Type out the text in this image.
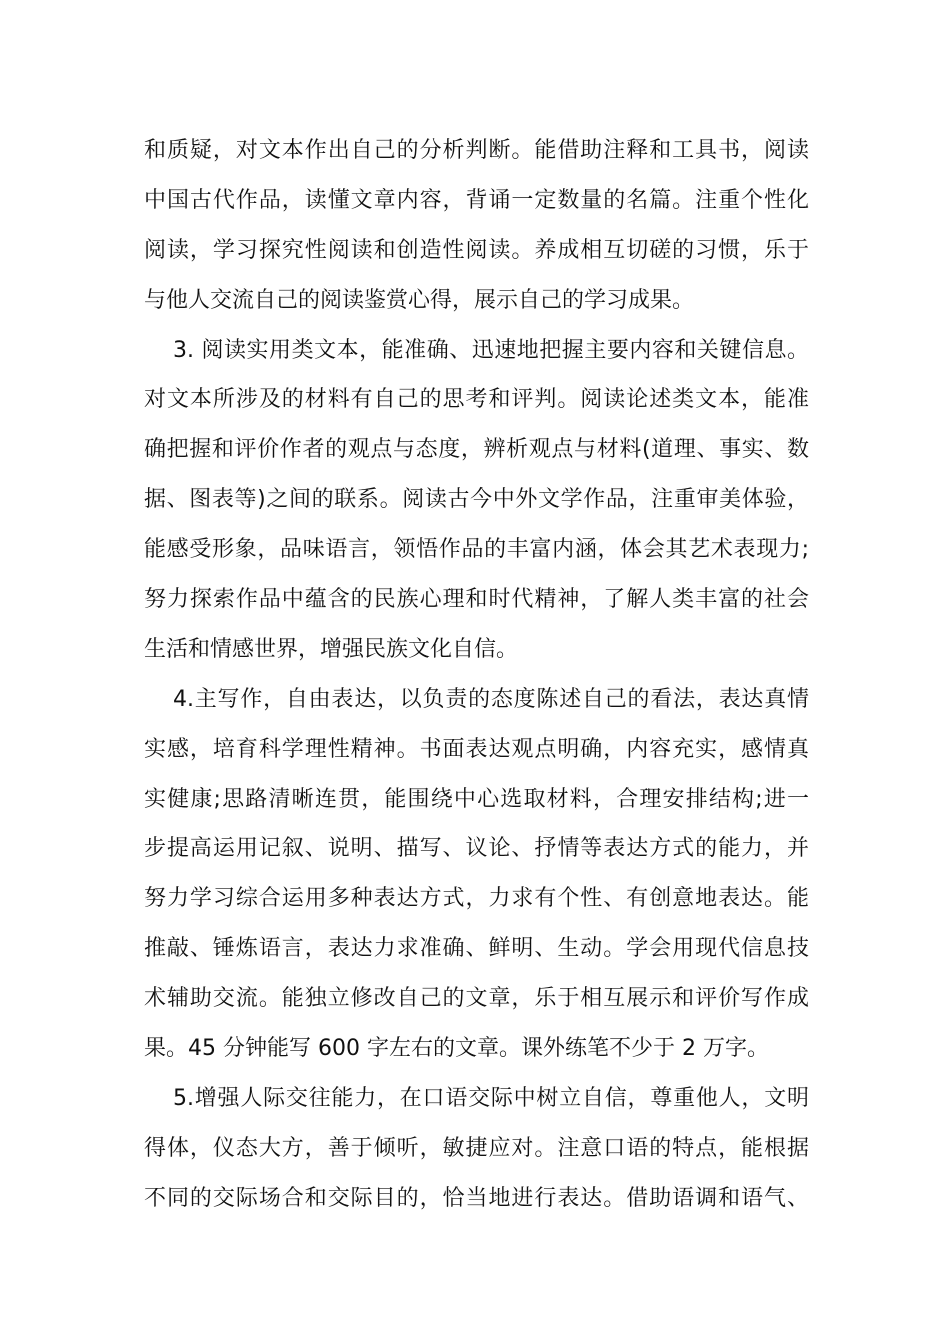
和质疑，对文本作出自己的分析判断。能借助注释和工具书，阅读
中国古代作品，读懂文章内容，背诵一定数量的名篇。注重个性化
阅读，学习探究性阅读和创造性阅读。养成相互切磋的习惯，乐于
与他人交流自己的阅读鉴赏心得，展示自己的学习成果。
3. 阅读实用类文本，能准确、迅速地把握主要内容和关键信息。
对文本所涉及的材料有自己的思考和评判。阅读论述类文本，能准
确把握和评价作者的观点与态度，辨析观点与材料(道理、事实、数
据、图表等)之间的联系。阅读古今中外文学作品，注重审美体验，
能感受形象，品味语言，领悟作品的丰富内涵，体会其艺术表现力;
努力探索作品中蕴含的民族心理和时代精神，了解人类丰富的社会
生活和情感世界，增强民族文化自信。
4.主写作，自由表达，以负责的态度陈述自己的看法，表达真情
实感，培育科学理性精神。书面表达观点明确，内容充实，感情真
实健康;思路清晰连贯，能围绕中心选取材料，合理安排结构;进一
步提高运用记叙、说明、描写、议论、抒情等表达方式的能力，并
努力学习综合运用多种表达方式，力求有个性、有创意地表达。能
推敲、锤炼语言，表达力求准确、鲜明、生动。学会用现代信息技
术辅助交流。能独立修改自己的文章，乐于相互展示和评价写作成
果。45 分钟能写 600 字左右的文章。课外练笔不少于 2 万字。
5.增强人际交往能力，在口语交际中树立自信，尊重他人，文明
得体，仪态大方，善于倾听，敏捷应对。注意口语的特点，能根据
不同的交际场合和交际目的，恰当地进行表达。借助语调和语气、
